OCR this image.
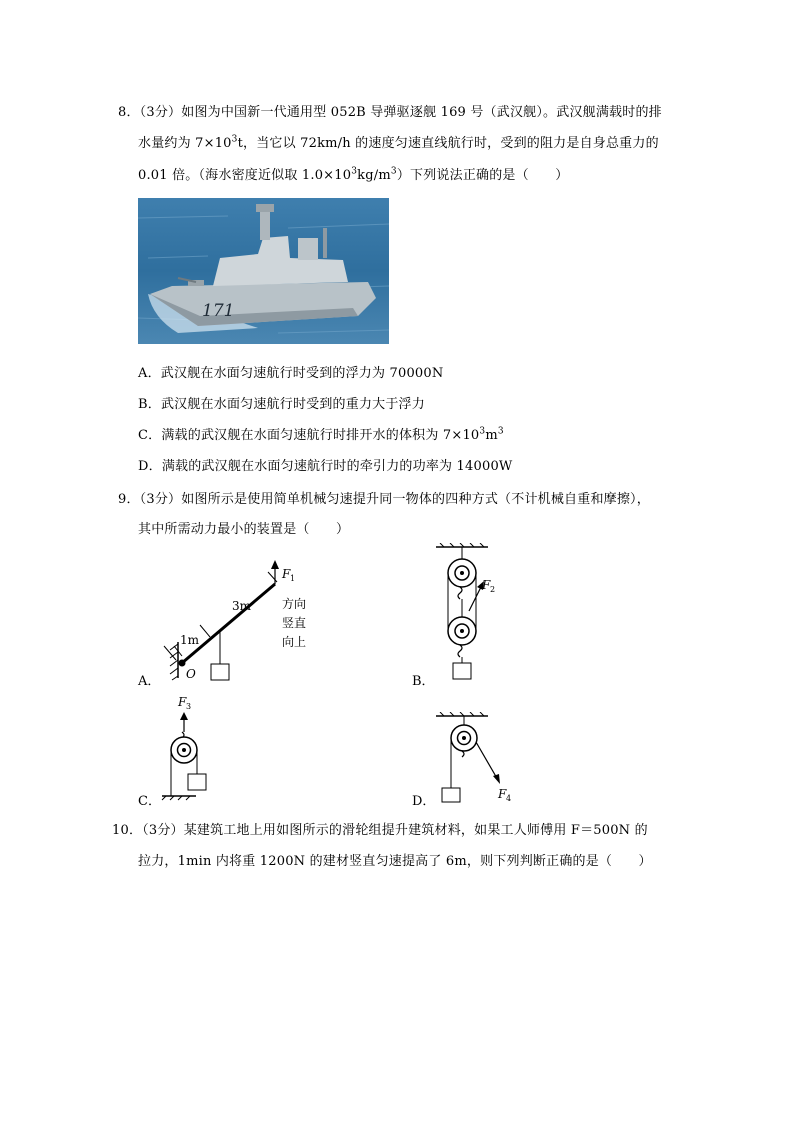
8．（3分）如图为中国新一代通用型 052B 导弹驱逐舰 169 号（武汉舰）。武汉舰满载时的排
水量约为 $7\times 10^3t$，当它以 72km/h 的速度匀速直线航行时，受到的阻力是自身总重力的
0.01 倍。（海水密度近似取 $1.0\times 10^3kg/m^3$）下列说法正确的是（　　）
171
A．武汉舰在水面匀速航行时受到的浮力为 70000N
B．武汉舰在水面匀速航行时受到的重力大于浮力
C．满载的武汉舰在水面匀速航行时排开水的体积为 $7\times 10^3m^3$
D．满载的武汉舰在水面匀速航行时的牵引力的功率为 14000W
9．（3分）如图所示是使用简单机械匀速提升同一物体的四种方式（不计机械自重和摩擦），
其中所需动力最小的装置是（　　）
A．
F 1
3m
1m
O
方向
竖直
向上
B．
F 2
C．
F 3
D．	F 4
10．（3分）某建筑工地上用如图所示的滑轮组提升建筑材料，如果工人师傅用 F＝500N 的
拉力，1min 内将重 1200N 的建材竖直匀速提高了 6m，则下列判断正确的是（　　）
